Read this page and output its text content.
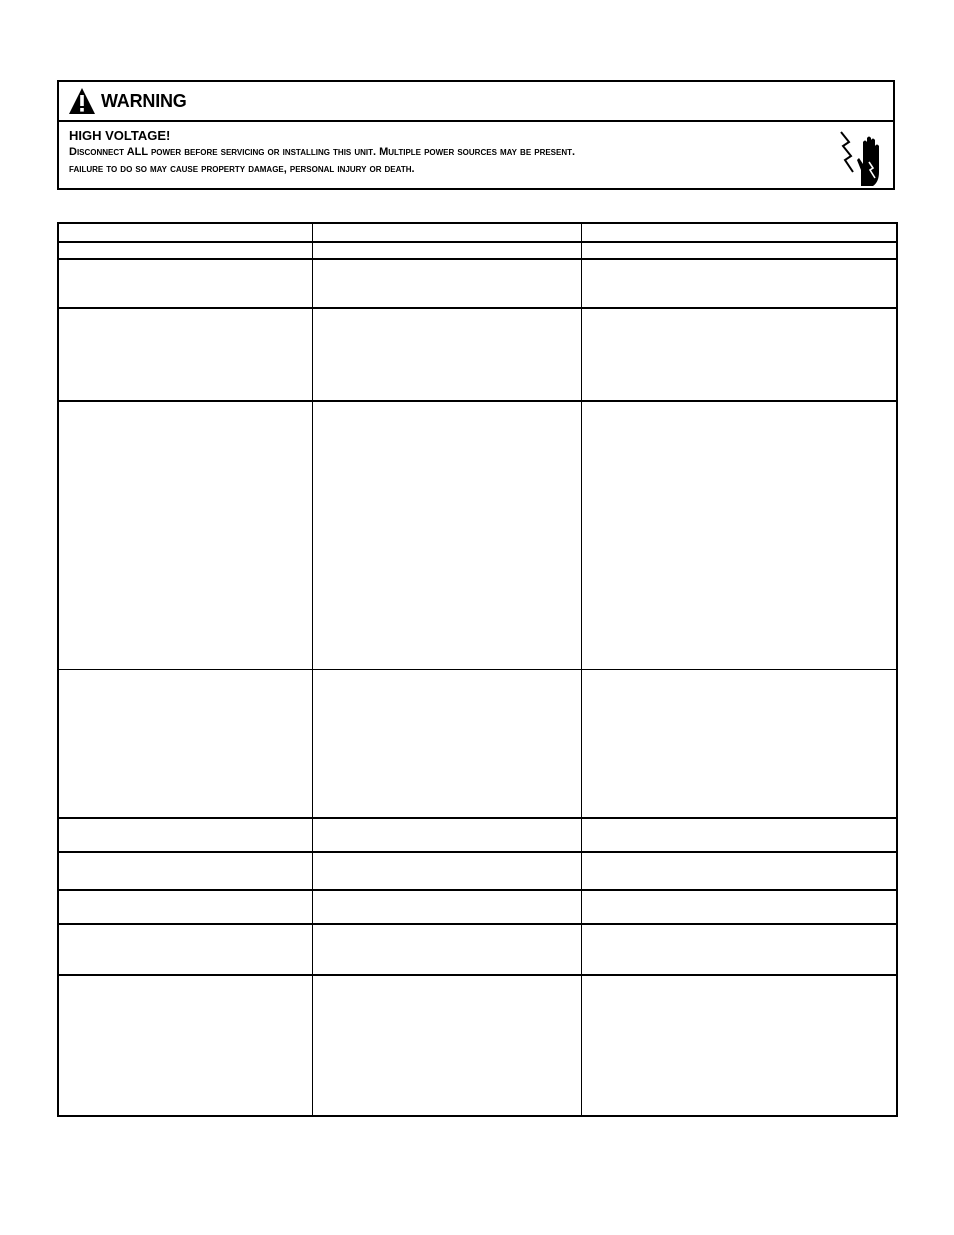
WARNING
HIGH VOLTAGE!
Disconnect ALL power before servicing or installing this unit. Multiple power sources may be present.
failure to do so may cause property damage, personal injury or death.
